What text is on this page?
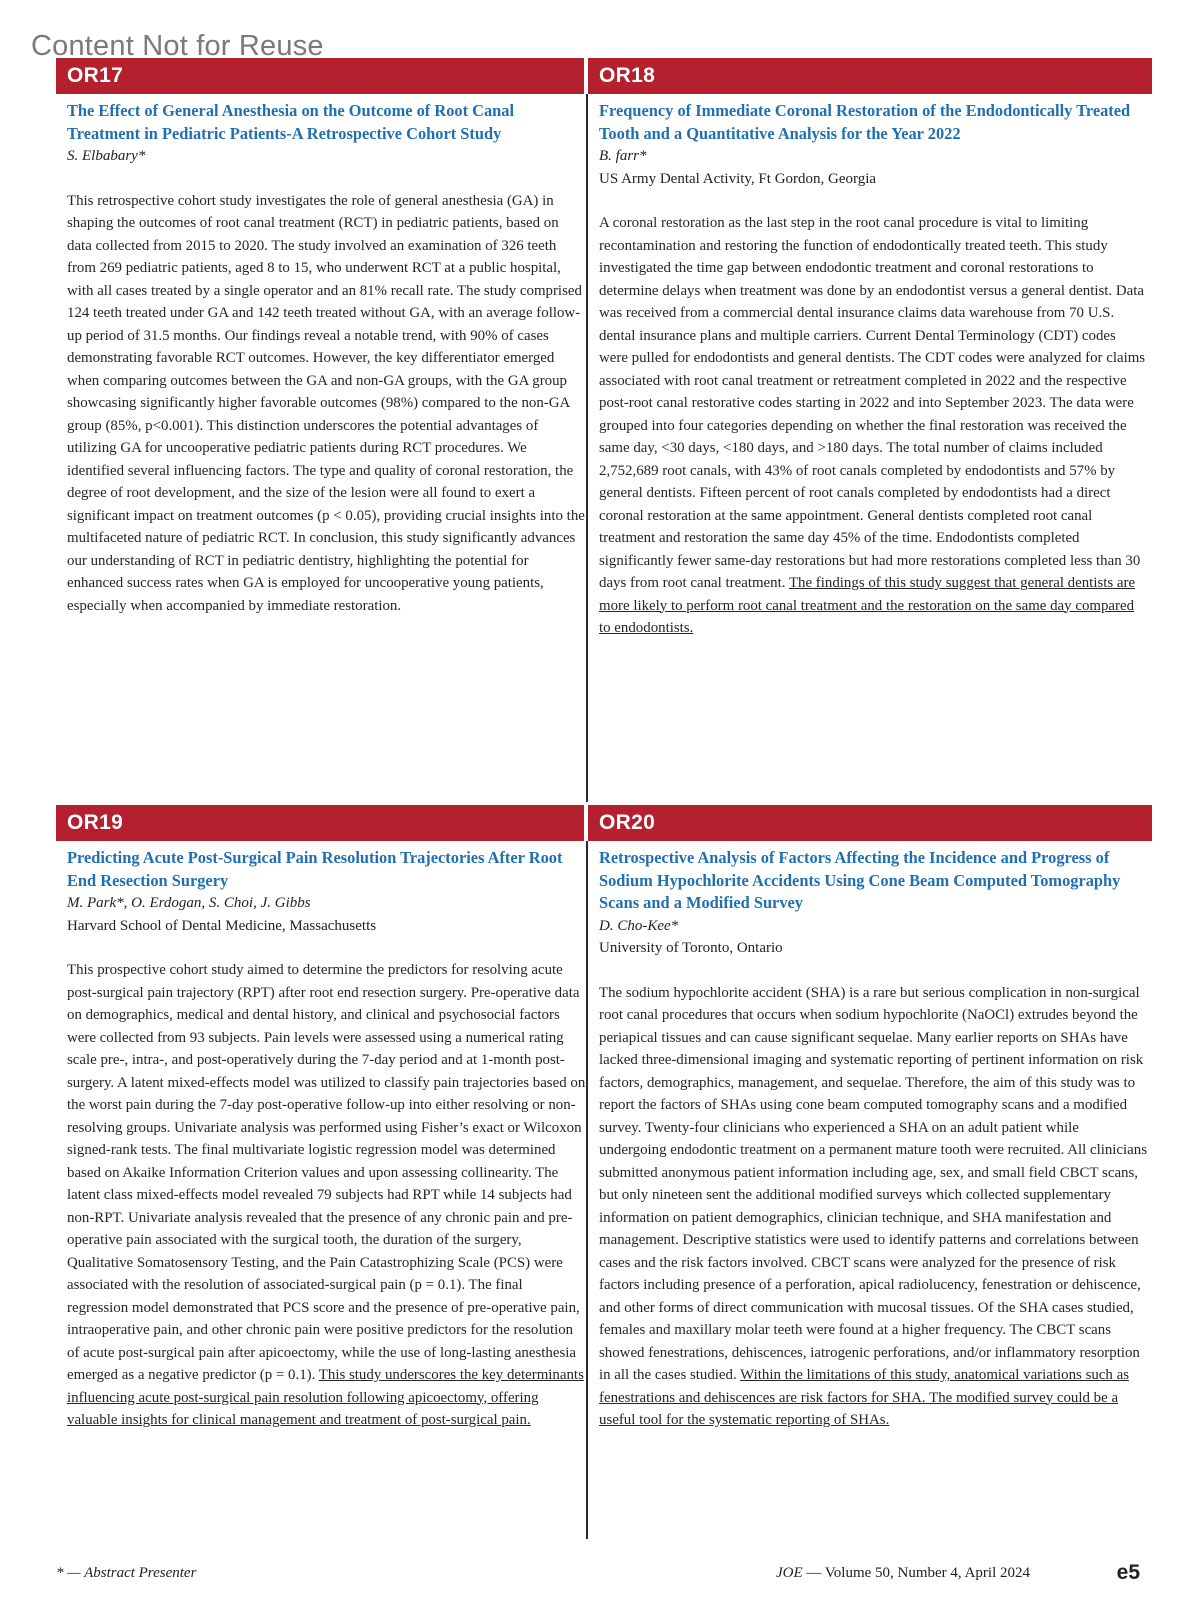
Content Not for Reuse
OR17
The Effect of General Anesthesia on the Outcome of Root Canal Treatment in Pediatric Patients-A Retrospective Cohort Study
S. Elbabary*
This retrospective cohort study investigates the role of general anesthesia (GA) in shaping the outcomes of root canal treatment (RCT) in pediatric patients, based on data collected from 2015 to 2020. The study involved an examination of 326 teeth from 269 pediatric patients, aged 8 to 15, who underwent RCT at a public hospital, with all cases treated by a single operator and an 81% recall rate. The study comprised 124 teeth treated under GA and 142 teeth treated without GA, with an average follow-up period of 31.5 months. Our findings reveal a notable trend, with 90% of cases demonstrating favorable RCT outcomes. However, the key differentiator emerged when comparing outcomes between the GA and non-GA groups, with the GA group showcasing significantly higher favorable outcomes (98%) compared to the non-GA group (85%, p<0.001). This distinction underscores the potential advantages of utilizing GA for uncooperative pediatric patients during RCT procedures. We identified several influencing factors. The type and quality of coronal restoration, the degree of root development, and the size of the lesion were all found to exert a significant impact on treatment outcomes (p < 0.05), providing crucial insights into the multifaceted nature of pediatric RCT. In conclusion, this study significantly advances our understanding of RCT in pediatric dentistry, highlighting the potential for enhanced success rates when GA is employed for uncooperative young patients, especially when accompanied by immediate restoration.
OR18
Frequency of Immediate Coronal Restoration of the Endodontically Treated Tooth and a Quantitative Analysis for the Year 2022
B. farr*
US Army Dental Activity, Ft Gordon, Georgia
A coronal restoration as the last step in the root canal procedure is vital to limiting recontamination and restoring the function of endodontically treated teeth. This study investigated the time gap between endodontic treatment and coronal restorations to determine delays when treatment was done by an endodontist versus a general dentist. Data was received from a commercial dental insurance claims data warehouse from 70 U.S. dental insurance plans and multiple carriers. Current Dental Terminology (CDT) codes were pulled for endodontists and general dentists. The CDT codes were analyzed for claims associated with root canal treatment or retreatment completed in 2022 and the respective post-root canal restorative codes starting in 2022 and into September 2023. The data were grouped into four categories depending on whether the final restoration was received the same day, <30 days, <180 days, and >180 days. The total number of claims included 2,752,689 root canals, with 43% of root canals completed by endodontists and 57% by general dentists. Fifteen percent of root canals completed by endodontists had a direct coronal restoration at the same appointment. General dentists completed root canal treatment and restoration the same day 45% of the time. Endodontists completed significantly fewer same-day restorations but had more restorations completed less than 30 days from root canal treatment. The findings of this study suggest that general dentists are more likely to perform root canal treatment and the restoration on the same day compared to endodontists.
OR19
Predicting Acute Post-Surgical Pain Resolution Trajectories After Root End Resection Surgery
M. Park*, O. Erdogan, S. Choi, J. Gibbs
Harvard School of Dental Medicine, Massachusetts
This prospective cohort study aimed to determine the predictors for resolving acute post-surgical pain trajectory (RPT) after root end resection surgery. Pre-operative data on demographics, medical and dental history, and clinical and psychosocial factors were collected from 93 subjects. Pain levels were assessed using a numerical rating scale pre-, intra-, and post-operatively during the 7-day period and at 1-month post-surgery. A latent mixed-effects model was utilized to classify pain trajectories based on the worst pain during the 7-day post-operative follow-up into either resolving or non-resolving groups. Univariate analysis was performed using Fisher’s exact or Wilcoxon signed-rank tests. The final multivariate logistic regression model was determined based on Akaike Information Criterion values and upon assessing collinearity. The latent class mixed-effects model revealed 79 subjects had RPT while 14 subjects had non-RPT. Univariate analysis revealed that the presence of any chronic pain and pre-operative pain associated with the surgical tooth, the duration of the surgery, Qualitative Somatosensory Testing, and the Pain Catastrophizing Scale (PCS) were associated with the resolution of associated-surgical pain (p = 0.1). The final regression model demonstrated that PCS score and the presence of pre-operative pain, intraoperative pain, and other chronic pain were positive predictors for the resolution of acute post-surgical pain after apicoectomy, while the use of long-lasting anesthesia emerged as a negative predictor (p = 0.1). This study underscores the key determinants influencing acute post-surgical pain resolution following apicoectomy, offering valuable insights for clinical management and treatment of post-surgical pain.
OR20
Retrospective Analysis of Factors Affecting the Incidence and Progress of Sodium Hypochlorite Accidents Using Cone Beam Computed Tomography Scans and a Modified Survey
D. Cho-Kee*
University of Toronto, Ontario
The sodium hypochlorite accident (SHA) is a rare but serious complication in non-surgical root canal procedures that occurs when sodium hypochlorite (NaOCl) extrudes beyond the periapical tissues and can cause significant sequelae. Many earlier reports on SHAs have lacked three-dimensional imaging and systematic reporting of pertinent information on risk factors, demographics, management, and sequelae. Therefore, the aim of this study was to report the factors of SHAs using cone beam computed tomography scans and a modified survey. Twenty-four clinicians who experienced a SHA on an adult patient while undergoing endodontic treatment on a permanent mature tooth were recruited. All clinicians submitted anonymous patient information including age, sex, and small field CBCT scans, but only nineteen sent the additional modified surveys which collected supplementary information on patient demographics, clinician technique, and SHA manifestation and management. Descriptive statistics were used to identify patterns and correlations between cases and the risk factors involved. CBCT scans were analyzed for the presence of risk factors including presence of a perforation, apical radiolucency, fenestration or dehiscence, and other forms of direct communication with mucosal tissues. Of the SHA cases studied, females and maxillary molar teeth were found at a higher frequency. The CBCT scans showed fenestrations, dehiscences, iatrogenic perforations, and/or inflammatory resorption in all the cases studied. Within the limitations of this study, anatomical variations such as fenestrations and dehiscences are risk factors for SHA. The modified survey could be a useful tool for the systematic reporting of SHAs.
* — Abstract Presenter	JOE — Volume 50, Number 4, April 2024	e5
